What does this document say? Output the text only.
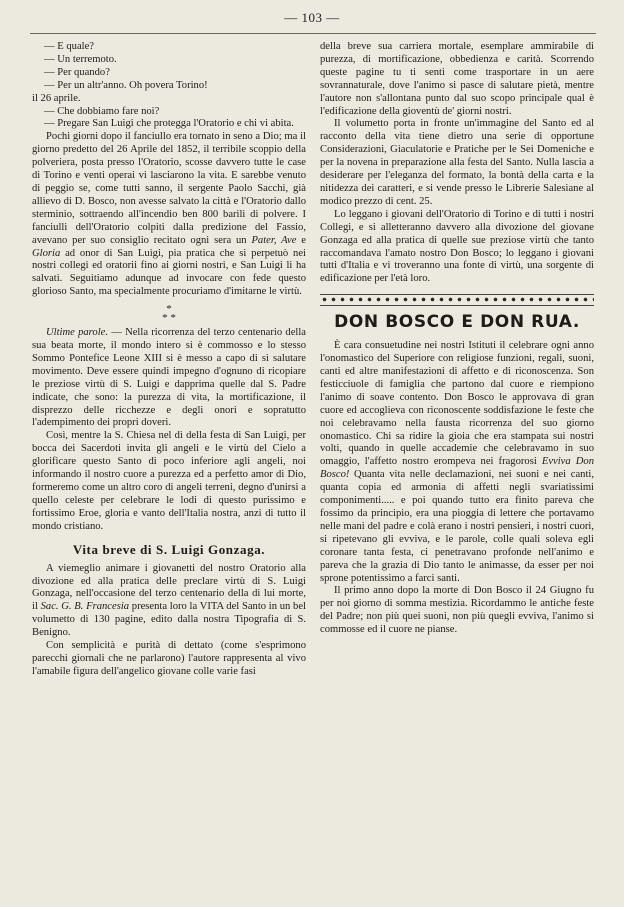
— 103 —

— E quale?

— Un terremoto.

— Per quando?

— Per un altr'anno. Oh povera Torino!

il 26 aprile.

— Che dobbiamo fare noi?

— Pregare San Luigi che protegga l'Oratorio e chi vi abita.

Pochi giorni dopo il fanciullo era tornato in seno a Dio; ma il giorno predetto del 26 Aprile del 1852, il terribile scoppio della polveriera, posta presso l'Oratorio, scosse davvero tutte le case di Torino e venti operai vi lasciarono la vita. E sarebbe venuto di peggio se, come tutti sanno, il sergente Paolo Sacchi, già allievo di D. Bosco, non avesse salvato la città e l'Oratorio dallo sterminio, sottraendo all'incendio ben 800 barili di polvere. I fanciulli dell'Oratorio colpiti dalla predizione del Fassio, avevano per suo consiglio recitato ogni sera un Pater, Ave e Gloria ad onor di San Luigi, pia pratica che si perpetuò nei nostri collegi ed oratorii fino ai giorni nostri, e San Luigi li ha salvati. Seguitiamo adunque ad invocare con fede questo glorioso Santo, ma specialmente procuriamo d'imitarne le virtù.

*
* *

Ultime parole. — Nella ricorrenza del terzo centenario della sua beata morte, il mondo intero si è commosso e lo stesso Sommo Pontefice Leone XIII si è messo a capo di sì salutare movimento. Deve essere quindi impegno d'ognuno di ricopiare le preziose virtù di S. Luigi e dapprima quelle dal S. Padre indicate, che sono: la purezza di vita, la mortificazione, il disprezzo delle ricchezze e degli onori e sopratutto l'adempimento dei propri doveri.

Così, mentre la S. Chiesa nel dì della festa di San Luigi, per bocca dei Sacerdoti invita gli angeli e le virtù del Cielo a glorificare questo Santo di poco inferiore agli angeli, noi informando il nostro cuore a purezza ed a perfetto amor di Dio, formeremo come un altro coro di angeli terreni, degno d'unirsi a quello celeste per celebrare le lodi di questo purissimo e fortissimo Eroe, gloria e vanto dell'Italia nostra, anzi di tutto il mondo cristiano.

Vita breve di S. Luigi Gonzaga.

A viemeglio animare i giovanetti del nostro Oratorio alla divozione ed alla pratica delle preclare virtù di S. Luigi Gonzaga, nell'occasione del terzo centenario della di lui morte, il Sac. G. B. Francesia presenta loro la VITA del Santo in un bel volumetto di 130 pagine, edito dalla nostra Tipografia di S. Benigno.

Con semplicità e purità di dettato (come s'esprimono parecchi giornali che ne parlarono) l'autore rappresenta al vivo l'amabile figura dell'angelico giovane colle varie fasi

della breve sua carriera mortale, esemplare ammirabile di purezza, di mortificazione, obbedienza e carità. Scorrendo queste pagine tu ti senti come trasportare in un aere sovrannaturale, dove l'animo si pasce di salutare pietà, mentre l'autore non s'allontana punto dal suo scopo principale qual è l'edificazione della gioventù de' giorni nostri.

Il volumetto porta in fronte un'immagine del Santo ed al racconto della vita tiene dietro una serie di opportune Considerazioni, Giaculatorie e Pratiche per le Sei Domeniche e per la novena in preparazione alla festa del Santo. Nulla lascia a desiderare per l'eleganza del formato, la bontà della carta e la nitidezza dei caratteri, e si vende presso le Librerie Salesiane al modico prezzo di cent. 25.

Lo leggano i giovani dell'Oratorio di Torino e di tutti i nostri Collegi, e si alletteranno davvero alla divozione del giovane Gonzaga ed alla pratica di quelle sue preziose virtù che tanto raccomandava l'amato nostro Don Bosco; lo leggano i giovani tutti d'Italia e vi troveranno una fonte di virtù, una sorgente di edificazione per l'età loro.

DON BOSCO E DON RUA.

È cara consuetudine nei nostri Istituti il celebrare ogni anno l'onomastico del Superiore con religiose funzioni, regali, suoni, canti ed altre manifestazioni di affetto e di riconoscenza. Son festicciuole di famiglia che partono dal cuore e riempiono l'animo di soave contento. Don Bosco le approvava di gran cuore ed accoglieva con riconoscente soddisfazione le feste che noi celebravamo nella fausta ricorrenza del suo giorno onomastico. Chi sa ridire la gioia che era stampata sui nostri volti, quando in quelle accademie che celebravamo in suo omaggio, l'affetto nostro erompeva nei fragorosi Evviva Don Bosco! Quanta vita nelle declamazioni, nei suoni e nei canti, quanta copia ed armonia di affetti negli svariatissimi componimenti..... e poi quando tutto era finito pareva che fossimo da principio, era una pioggia di lettere che portavamo nelle mani del padre e colà erano i nostri pensieri, i nostri cuori, si ripetevano gli evviva, e le parole, colle quali soleva egli coronare tanta festa, ci penetravano profonde nell'animo e pareva che la grazia di Dio tanto le animasse, da esser per noi sprone potentissimo a farci santi.

Il primo anno dopo la morte di Don Bosco il 24 Giugno fu per noi giorno di somma mestizia. Ricordammo le antiche feste del Padre; non più quei suoni, non più quegli evviva, l'animo si commosse ed il cuore ne pianse.
